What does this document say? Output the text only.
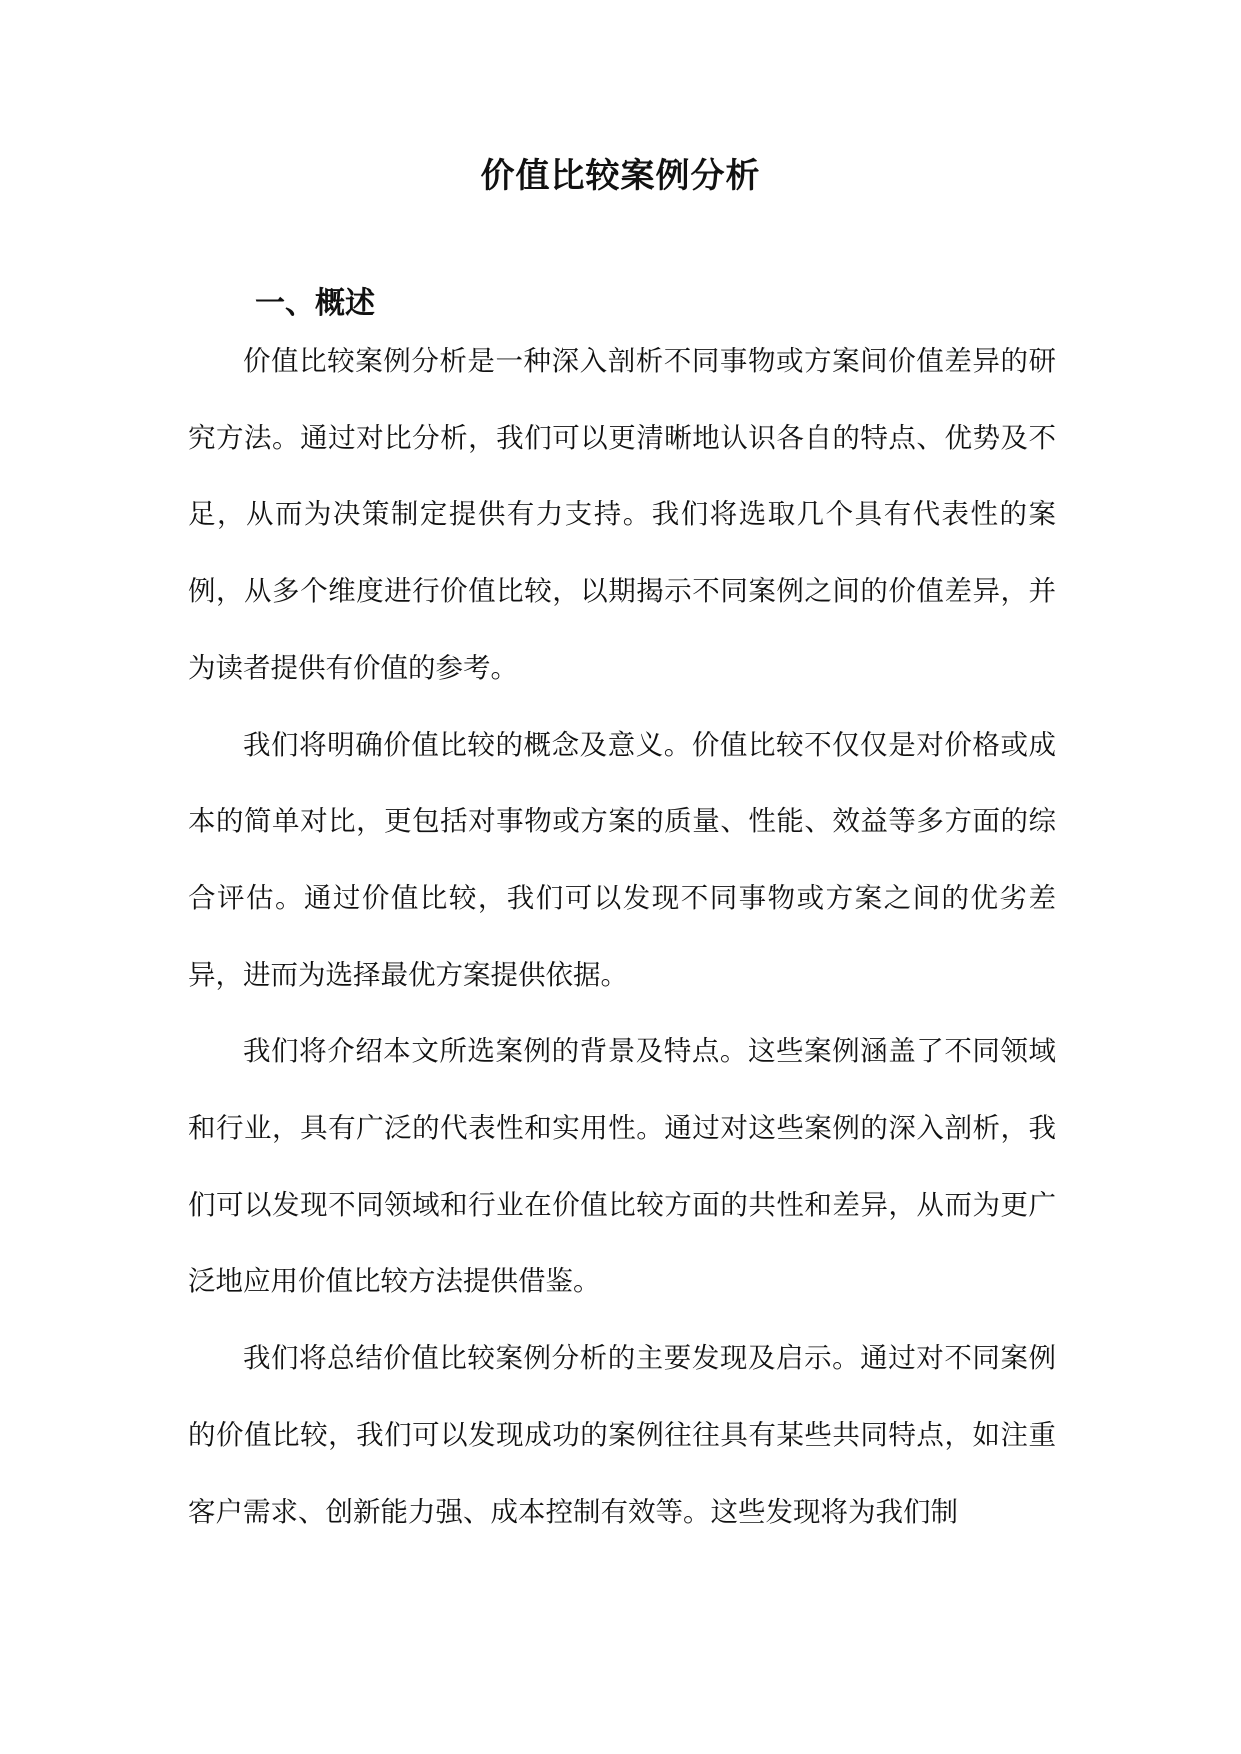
价值比较案例分析
一、概述

价值比较案例分析是一种深入剖析不同事物或方案间价值差异的研究方法。通过对比分析，我们可以更清晰地认识各自的特点、优势及不足，从而为决策制定提供有力支持。我们将选取几个具有代表性的案例，从多个维度进行价值比较，以期揭示不同案例之间的价值差异，并为读者提供有价值的参考。

我们将明确价值比较的概念及意义。价值比较不仅仅是对价格或成本的简单对比，更包括对事物或方案的质量、性能、效益等多方面的综合评估。通过价值比较，我们可以发现不同事物或方案之间的优劣差异，进而为选择最优方案提供依据。

我们将介绍本文所选案例的背景及特点。这些案例涵盖了不同领域和行业，具有广泛的代表性和实用性。通过对这些案例的深入剖析，我们可以发现不同领域和行业在价值比较方面的共性和差异，从而为更广泛地应用价值比较方法提供借鉴。

我们将总结价值比较案例分析的主要发现及启示。通过对不同案例的价值比较，我们可以发现成功的案例往往具有某些共同特点，如注重客户需求、创新能力强、成本控制有效等。这些发现将为我们制
